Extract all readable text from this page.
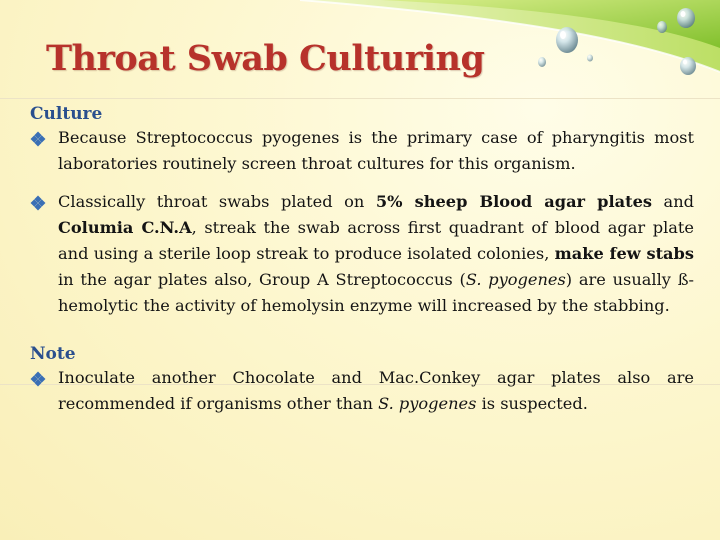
Throat Swab Culturing

Culture

Because Streptococcus pyogenes is the primary case of pharyngitis most laboratories routinely screen throat cultures for this organism.

Classically throat swabs plated on 5% sheep Blood agar plates and Columia C.N.A, streak the swab across first quadrant of blood agar plate and using a sterile loop streak to produce isolated colonies, make few stabs in the agar plates also, Group A Streptococcus (S. pyogenes) are usually ß- hemolytic the activity of hemolysin enzyme will increased by the stabbing.

Note

Inoculate another Chocolate and Mac.Conkey agar plates also are recommended if organisms other than S. pyogenes is suspected.
